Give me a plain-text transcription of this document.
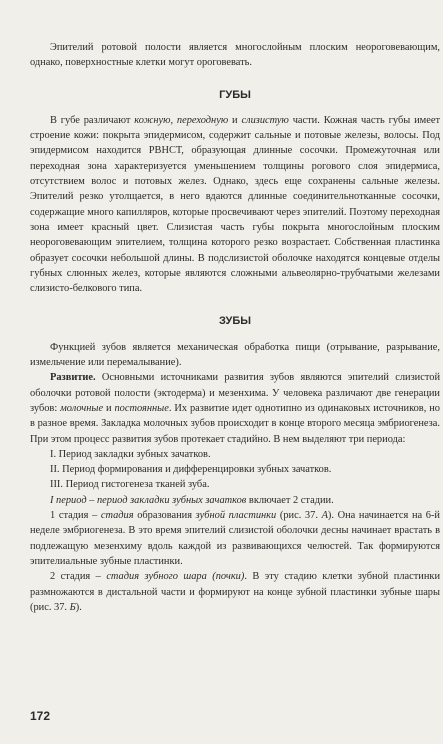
Эпителий ротовой полости является многослойным плоским неороговевающим, однако, поверхностные клетки могут ороговевать.

ГУБЫ

В губе различают кожную, переходную и слизистую части. Кожная часть губы имеет строение кожи: покрыта эпидермисом, содержит сальные и потовые железы, волосы. Под эпидермисом находится РВНСТ, образующая длинные сосочки. Промежуточная или переходная зона характеризуется уменьшением толщины рогового слоя эпидермиса, отсутствием волос и потовых желез. Однако, здесь еще сохранены сальные железы. Эпителий резко утолщается, в него вдаются длинные соединительнотканные сосочки, содержащие много капилляров, которые просвечивают через эпителий. Поэтому переходная зона имеет красный цвет. Слизистая часть губы покрыта многослойным плоским неороговевающим эпителием, толщина которого резко возрастает. Собственная пластинка образует сосочки небольшой длины. В подслизистой оболочке находятся концевые отделы губных слюнных желез, которые являются сложными альвеолярно-трубчатыми железами слизисто-белкового типа.

ЗУБЫ

Функцией зубов является механическая обработка пищи (отрывание, разрывание, измельчение или перемалывание).

Развитие. Основными источниками развития зубов являются эпителий слизистой оболочки ротовой полости (эктодерма) и мезенхима. У человека различают две генерации зубов: молочные и постоянные. Их развитие идет однотипно из одинаковых источников, но в разное время. Закладка молочных зубов происходит в конце второго месяца эмбриогенеза. При этом процесс развития зубов протекает стадийно. В нем выделяют три периода:

I. Период закладки зубных зачатков.

II. Период формирования и дифференцировки зубных зачатков.

III. Период гистогенеза тканей зуба.

I период – период закладки зубных зачатков включает 2 стадии.

1 стадия – стадия образования зубной пластинки (рис. 37. А). Она начинается на 6-й неделе эмбриогенеза. В это время эпителий слизистой оболочки десны начинает врастать в подлежащую мезенхиму вдоль каждой из развивающихся челюстей. Так формируются эпителиальные зубные пластинки.

2 стадия – стадия зубного шара (почки). В эту стадию клетки зубной пластинки размножаются в дистальной части и формируют на конце зубной пластинки зубные шары (рис. 37. Б).

172
